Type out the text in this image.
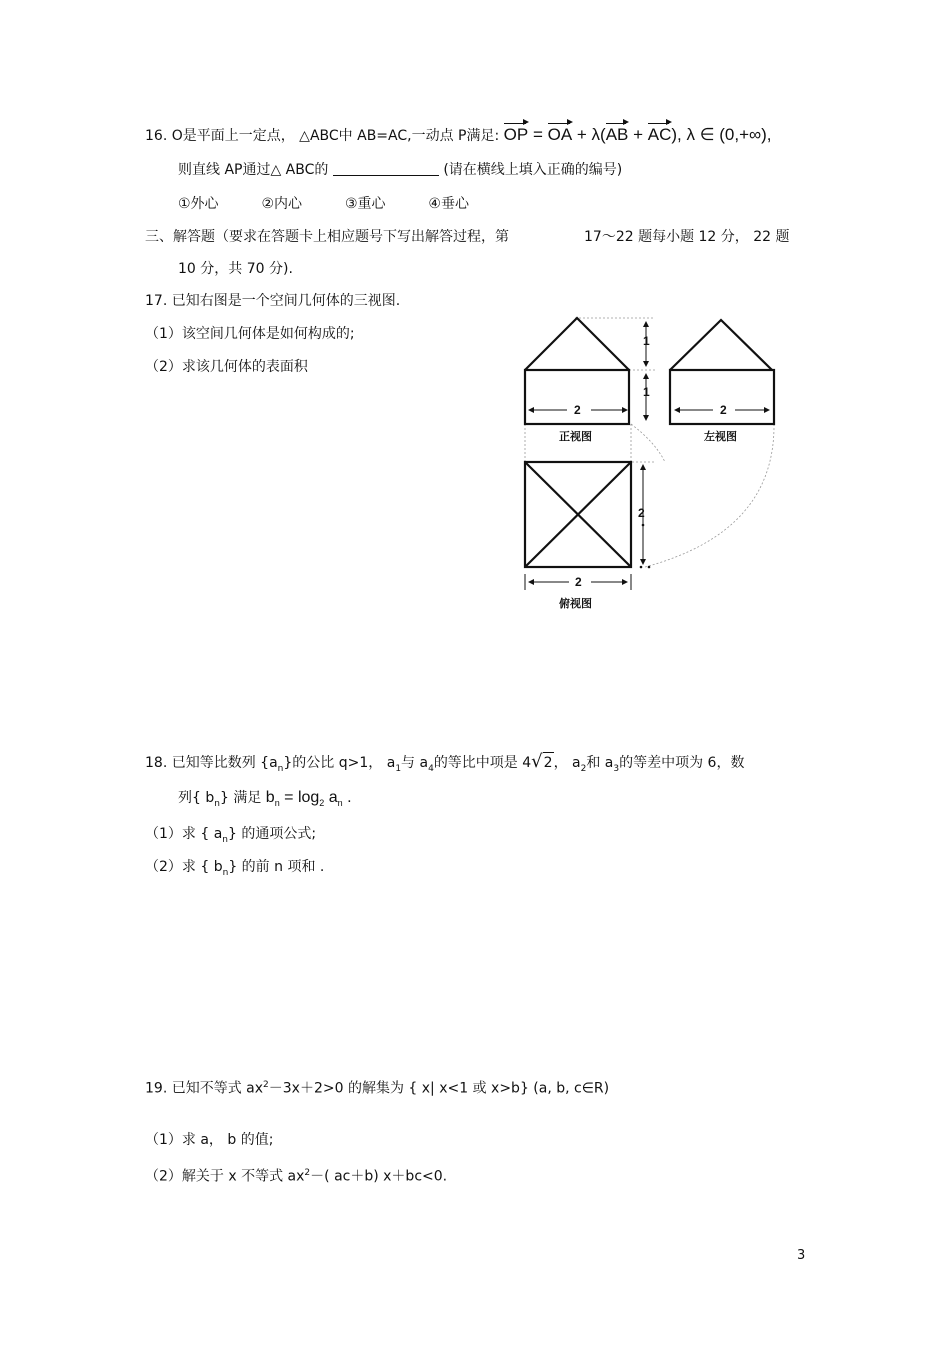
16. O是平面上一定点， △ABC中 AB=AC,一动点 P满足: OP = OA + λ(AB + AC), λ ∈ (0,+∞),
则直线 AP通过△ ABC的	(请在横线上填入正确的编号)
①外心	②内心	③重心	④垂心
三、解答题（要求在答题卡上相应题号下写出解答过程，第	17～22 题每小题 12 分， 22 题
10 分，共 70 分).
17. 已知右图是一个空间几何体的三视图.
（1）该空间几何体是如何构成的;
（2）求该几何体的表面积
1
1
2	2
2
2
正视图	左视图
俯视图
18. 已知等比数列 $\{a_n\}$的公比 q>1， $a_1$与 $a_4$的等比中项是 4√2， $a_2$和 $a_3$的等差中项为 6，数
列{ $b_n$} 满足 $b_n = \log_2 a_n$ .
（1）求 { $a_n$} 的通项公式;
（2）求 { $b_n$} 的前 n 项和 .
19. 已知不等式 $ax^2-3x+2>0$ 的解集为 { x| x<1 或 x>b} (a, b, c∈R)
（1）求 a， b 的值;
（2）解关于 x 不等式 $ax^2-$( ac＋b) x＋bc<0.
3
